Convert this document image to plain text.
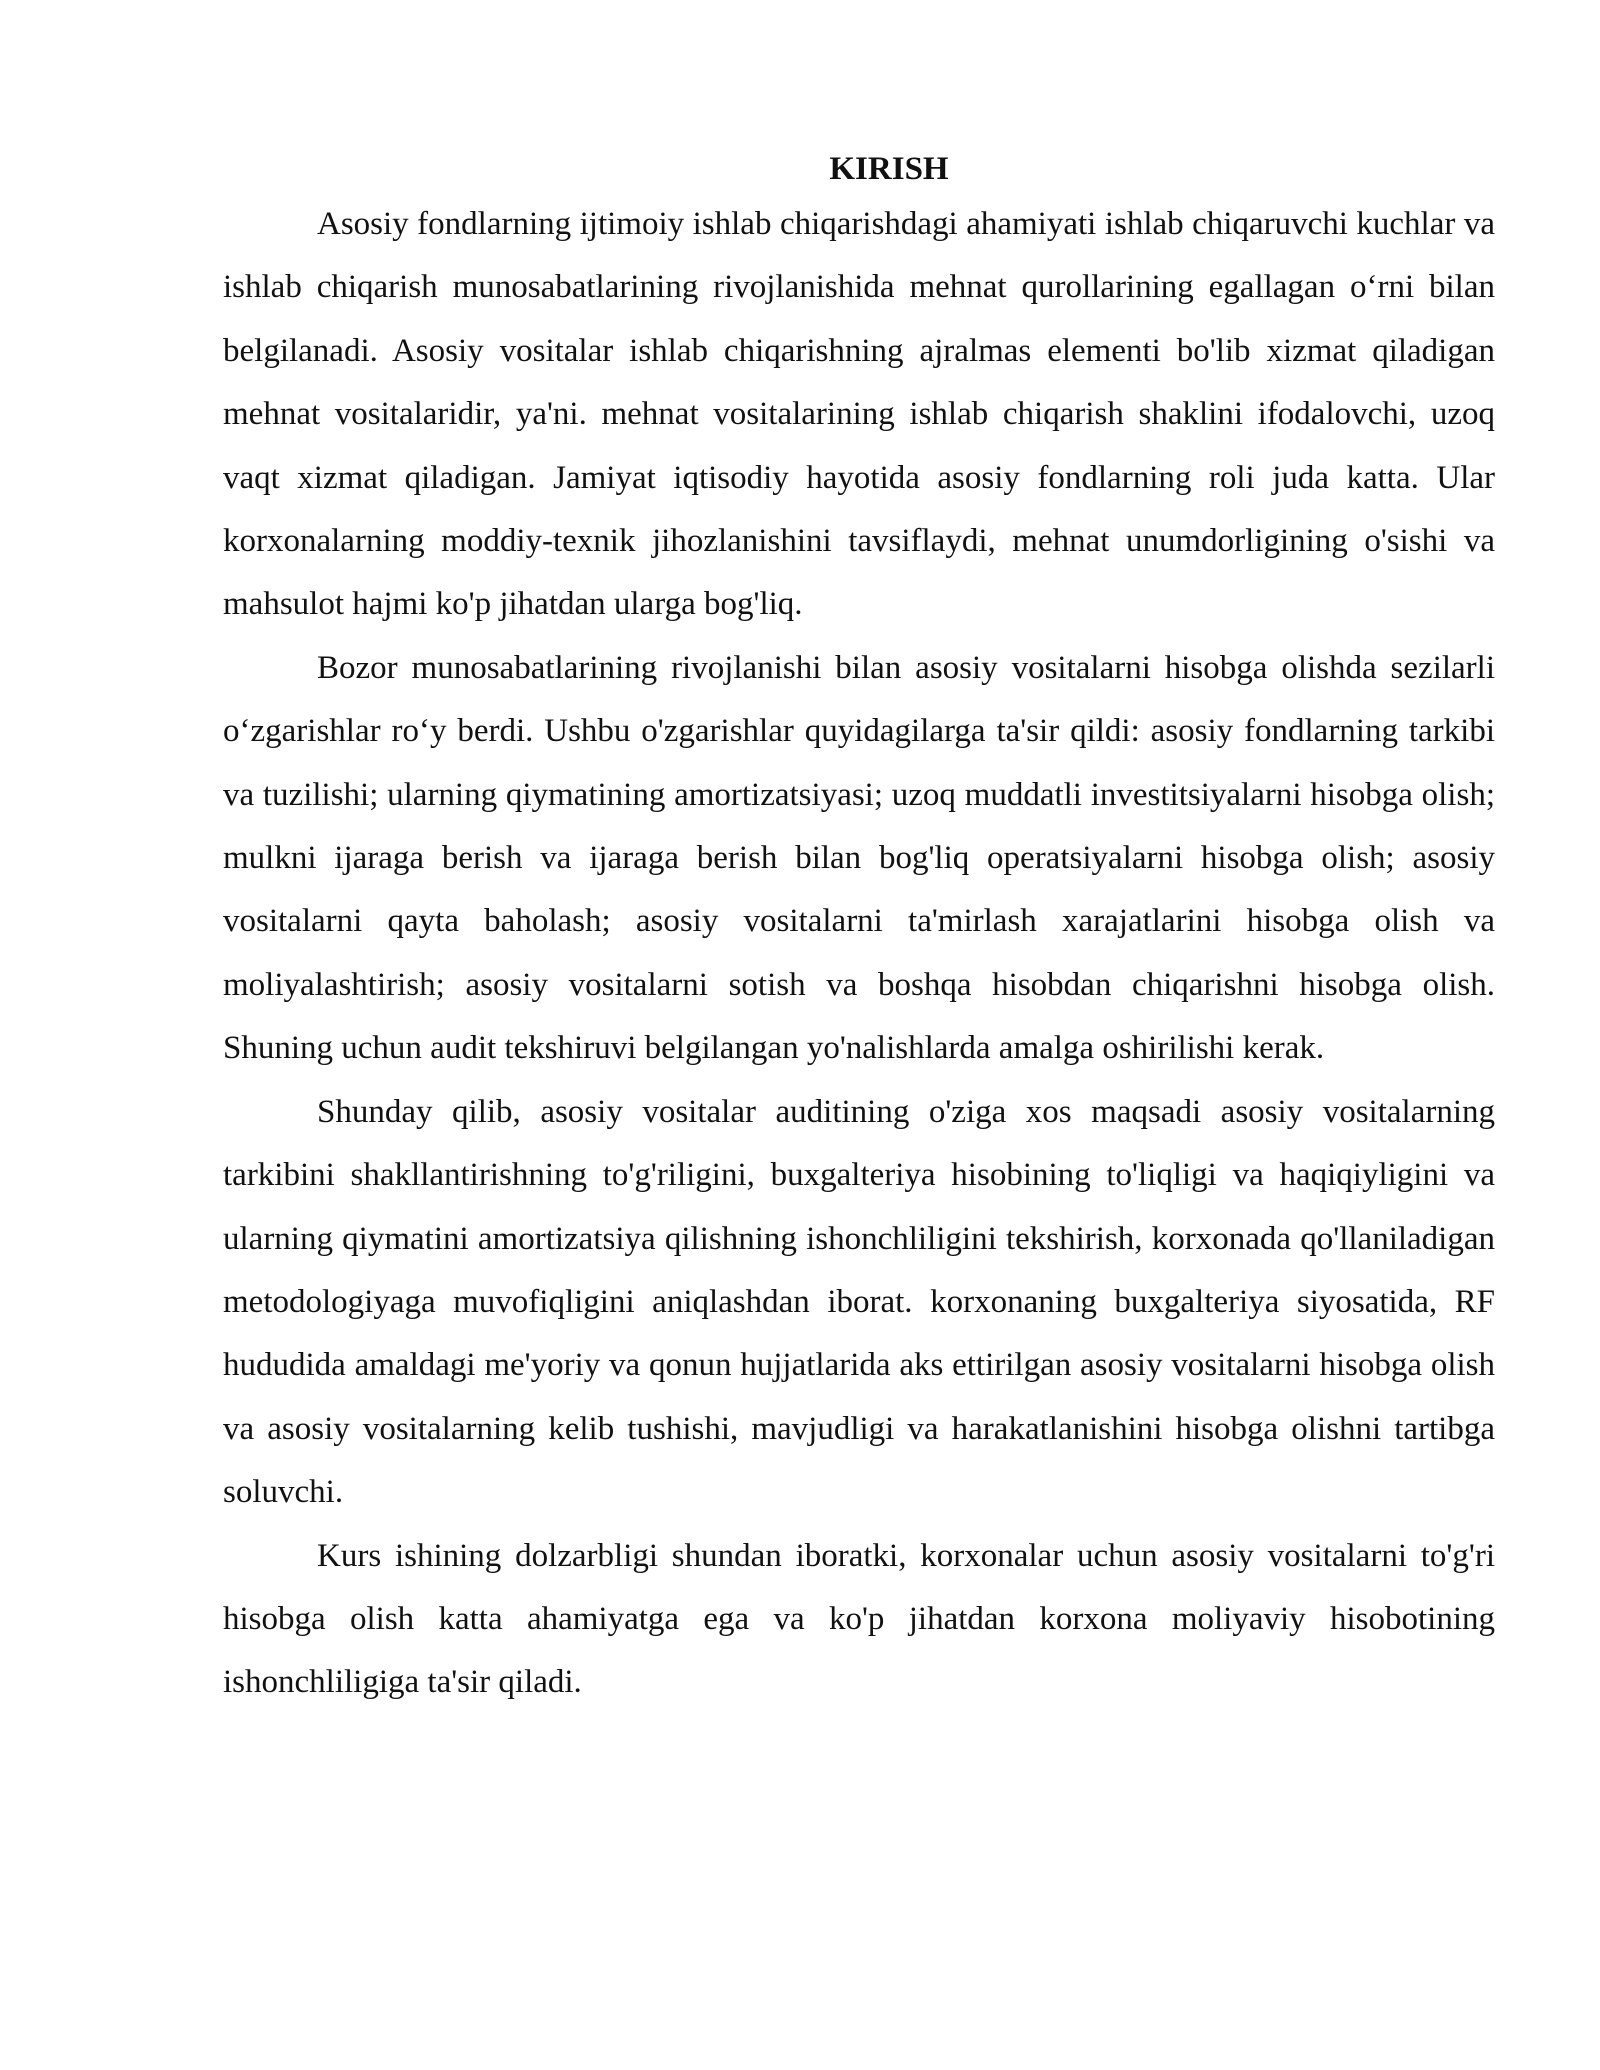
KIRISH

Asosiy fondlarning ijtimoiy ishlab chiqarishdagi ahamiyati ishlab chiqaruvchi kuchlar va ishlab chiqarish munosabatlarining rivojlanishida mehnat qurollarining egallagan o‘rni bilan belgilanadi. Asosiy vositalar ishlab chiqarishning ajralmas elementi bo'lib xizmat qiladigan mehnat vositalaridir, ya'ni. mehnat vositalarining ishlab chiqarish shaklini ifodalovchi, uzoq vaqt xizmat qiladigan. Jamiyat iqtisodiy hayotida asosiy fondlarning roli juda katta. Ular korxonalarning moddiy-texnik jihozlanishini tavsiflaydi, mehnat unumdorligining o'sishi va mahsulot hajmi ko'p jihatdan ularga bog'liq.

Bozor munosabatlarining rivojlanishi bilan asosiy vositalarni hisobga olishda sezilarli o‘zgarishlar ro‘y berdi. Ushbu o'zgarishlar quyidagilarga ta'sir qildi: asosiy fondlarning tarkibi va tuzilishi; ularning qiymatining amortizatsiyasi; uzoq muddatli investitsiyalarni hisobga olish; mulkni ijaraga berish va ijaraga berish bilan bog'liq operatsiyalarni hisobga olish; asosiy vositalarni qayta baholash; asosiy vositalarni ta'mirlash xarajatlarini hisobga olish va moliyalashtirish; asosiy vositalarni sotish va boshqa hisobdan chiqarishni hisobga olish. Shuning uchun audit tekshiruvi belgilangan yo'nalishlarda amalga oshirilishi kerak.

Shunday qilib, asosiy vositalar auditining o'ziga xos maqsadi asosiy vositalarning tarkibini shakllantirishning to'g'riligini, buxgalteriya hisobining to'liqligi va haqiqiyligini va ularning qiymatini amortizatsiya qilishning ishonchliligini tekshirish, korxonada qo'llaniladigan metodologiyaga muvofiqligini aniqlashdan iborat. korxonaning buxgalteriya siyosatida, RF hududida amaldagi me'yoriy va qonun hujjatlarida aks ettirilgan asosiy vositalarni hisobga olish va asosiy vositalarning kelib tushishi, mavjudligi va harakatlanishini hisobga olishni tartibga soluvchi.

Kurs ishining dolzarbligi shundan iboratki, korxonalar uchun asosiy vositalarni to'g'ri hisobga olish katta ahamiyatga ega va ko'p jihatdan korxona moliyaviy hisobotining ishonchliligiga ta'sir qiladi.
